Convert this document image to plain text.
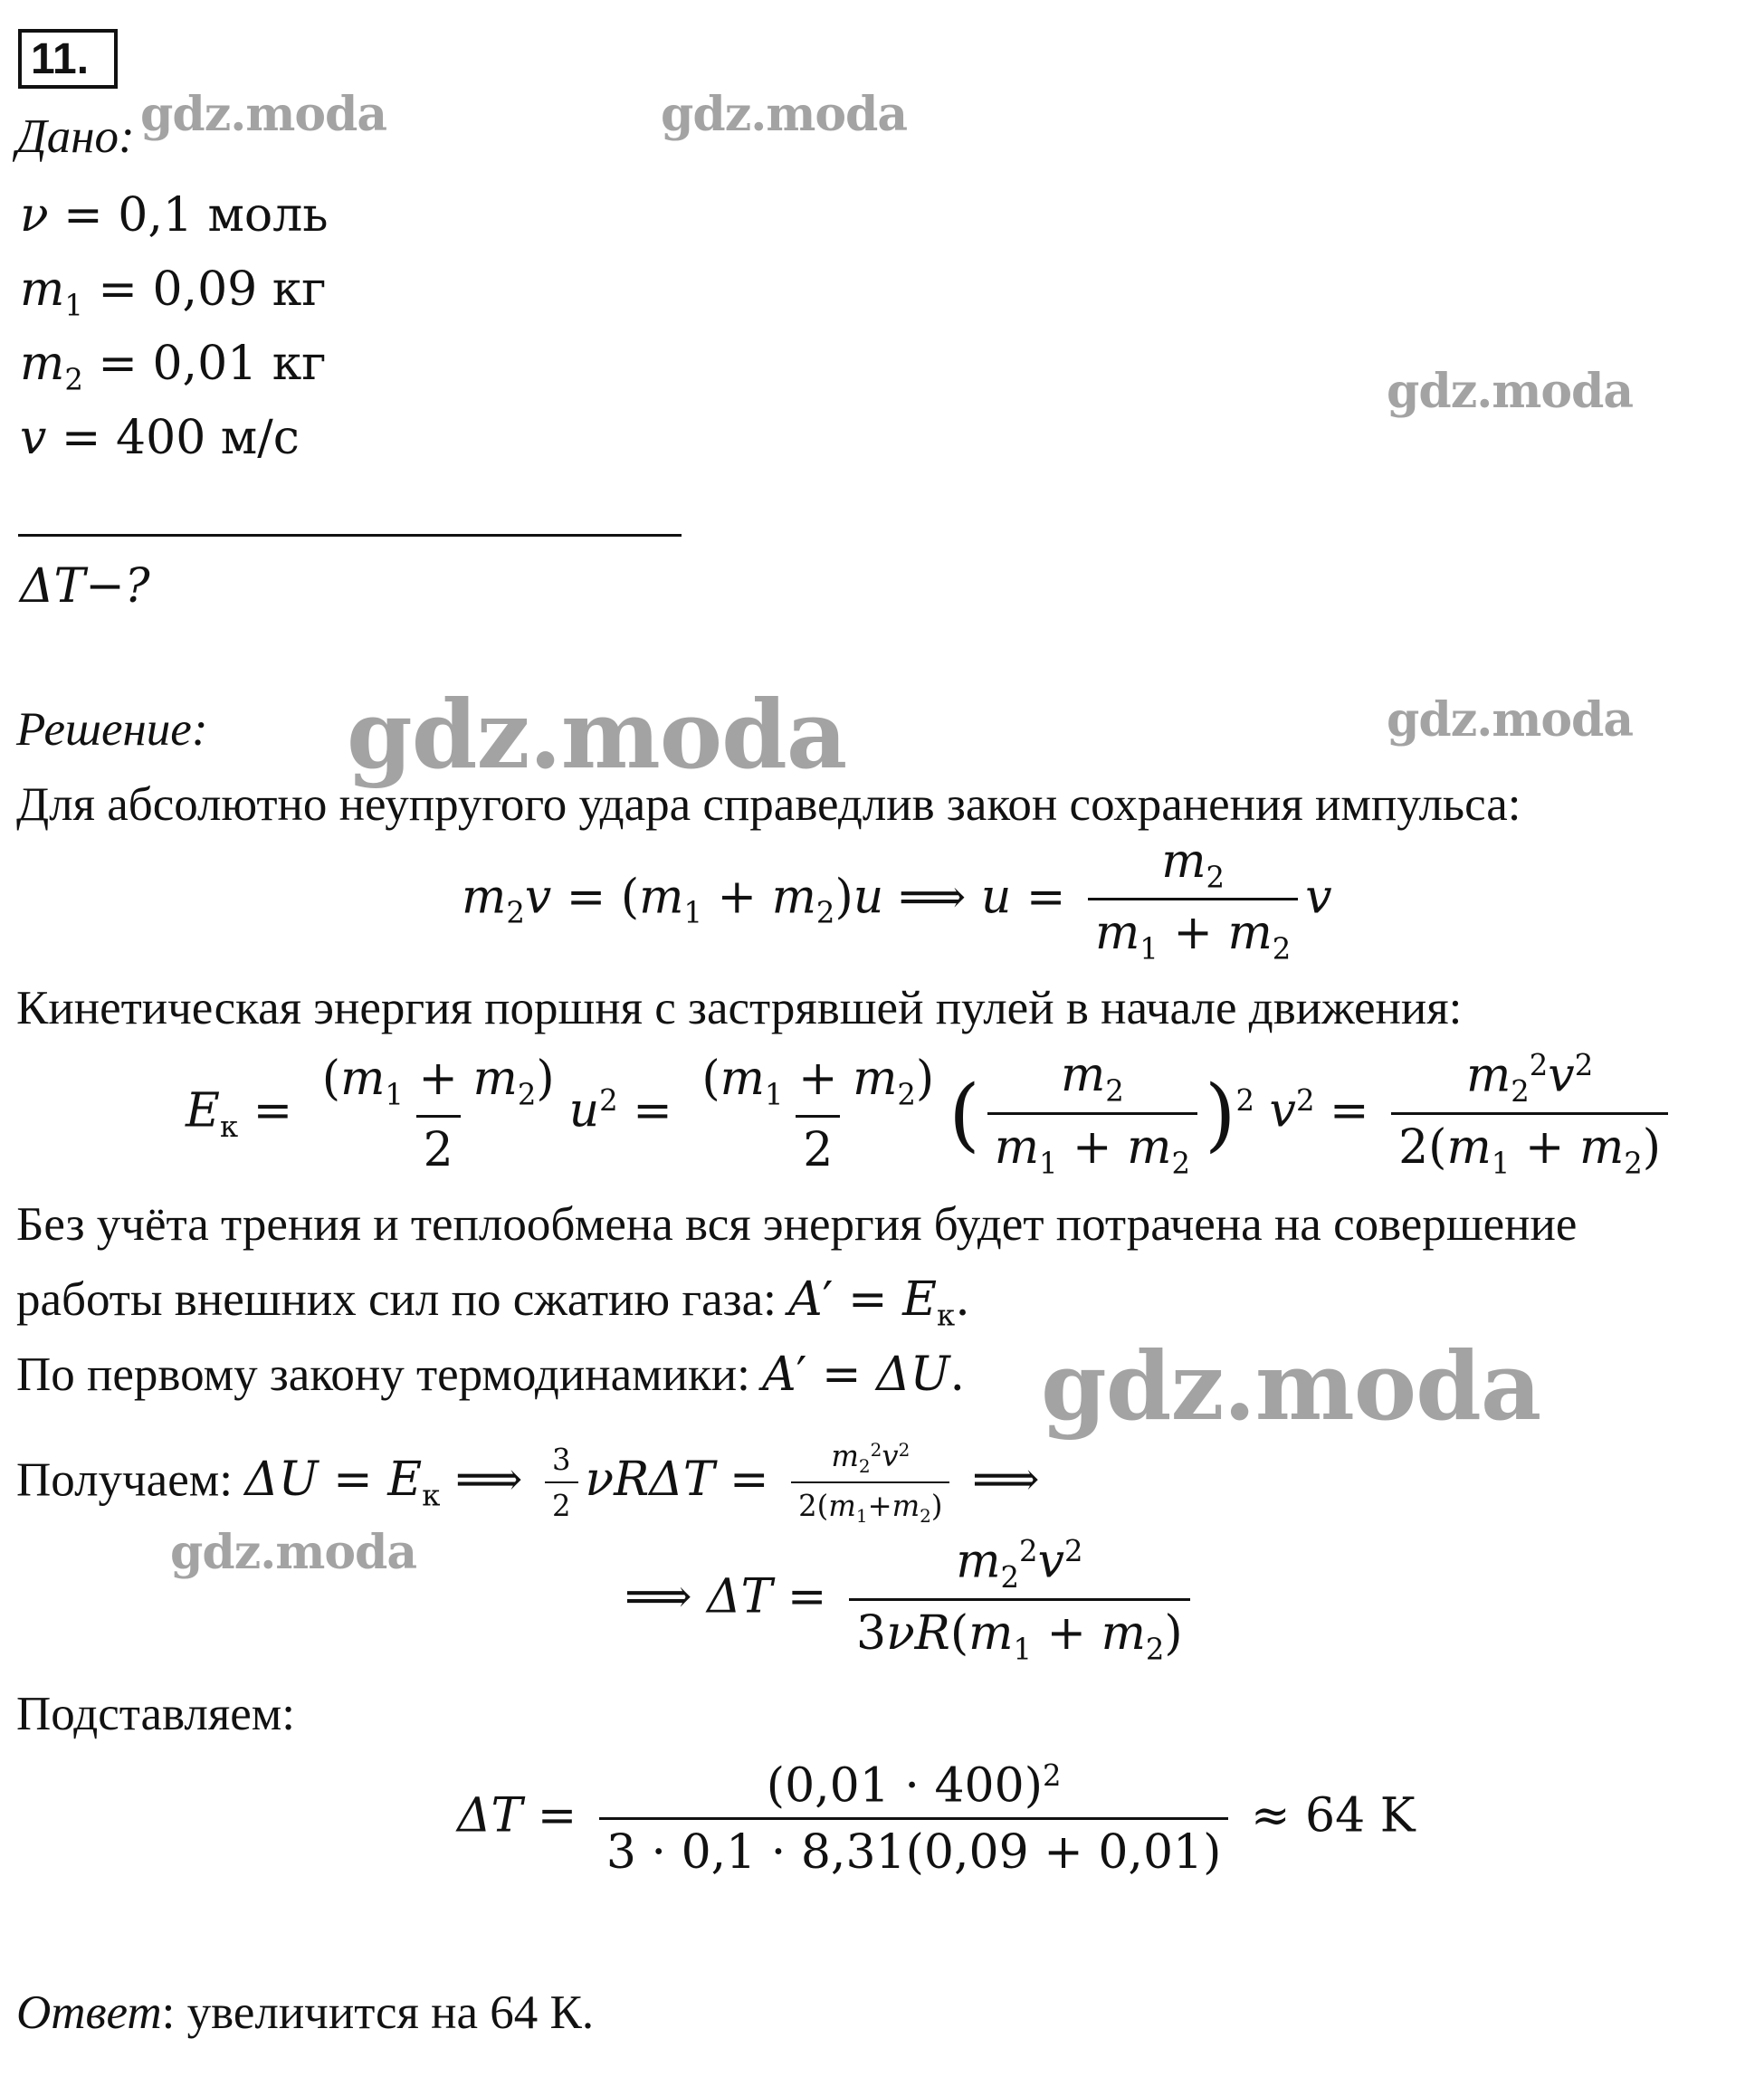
11.
Дано:
ν = 0,1 моль
$m_1 = 0,09$ кг
$m_2 = 0,01$ кг
v = 400 м/с
ΔT−?
Решение:
Для абсолютно неупругого удара справедлив закон сохранения импульса:
$m_2v = (m_1 + m_2)u$ ⟹ $u = \frac{m_2}{m_1 + m_2}$ v
Кинетическая энергия поршня с застрявшей пулей в начале движения:
$E_к = \frac{(m_1 + m_2)}{2} u^2 = \frac{(m_1 + m_2)}{2}$ ( $\frac{m_2}{m_1 + m_2} )^2$ $v^2 = \frac{m_2^2v^2}{2(m_1 + m_2)}$
Без учёта трения и теплообмена вся энергия будет потрачена на совершение
работы внешних сил по сжатию газа: $A' = E_к$.
По первому закону термодинамики: A′ = ΔU.
Получаем: $\Delta U = E_к$ ⟹ $\frac{3}{2}$ $\nu R\Delta T = \frac{m_2^2v^2}{2(m_1+m_2)}$ ⟹
⟹ $\Delta T = \frac{m_2^2v^2}{3\nu R(m_1 + m_2)}$
Подставляем:
$\Delta T = \frac{(0,01 \cdot 400)^2}{3 \cdot 0,1 \cdot 8,31(0,09 + 0,01)} \approx 64$ K
Ответ: увеличится на 64 К.
gdz.moda	gdz.moda
gdz.moda
gdz.moda	gdz.moda
gdz.moda
gdz.moda
